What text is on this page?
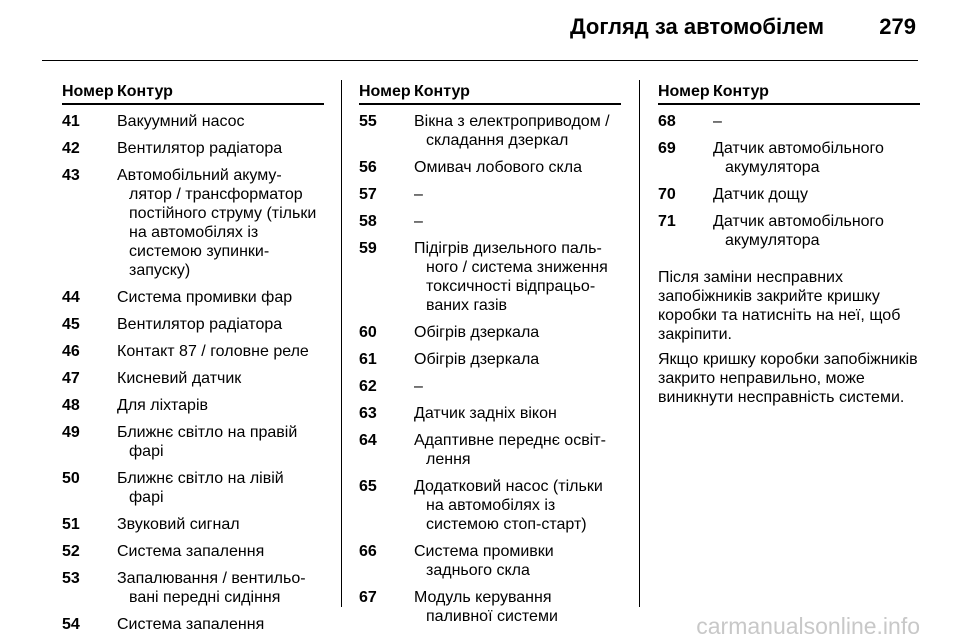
Догляд за автомобілем	279
Номер Контур
41	Вакуумний насос
42	Вентилятор радіатора
43	Автомобільний акуму-
лятор / трансформатор
постійного струму (тільки
на автомобілях із
системою зупинки-
запуску)
44	Система промивки фар
45	Вентилятор радіатора
46	Контакт 87 / головне реле
47	Кисневий датчик
48	Для ліхтарів
49	Ближнє світло на правій
фарі
50	Ближнє світло на лівій
фарі
51	Звуковий сигнал
52	Система запалення
53	Запалювання / вентильо-
вані передні сидіння
54	Система запалення
Номер Контур
55	Вікна з електроприводом /
складання дзеркал
56	Омивач лобового скла
57	–
58	–
59	Підігрів дизельного паль-
ного / система зниження
токсичності відпрацьо-
ваних газів
60	Обігрів дзеркала
61	Обігрів дзеркала
62	–
63	Датчик задніх вікон
64	Адаптивне переднє освіт-
лення
65	Додатковий насос (тільки
на автомобілях із
системою стоп-старт)
66	Система промивки
заднього скла
67	Модуль керування
паливної системи
Номер Контур
68	–
69	Датчик автомобільного
акумулятора
70	Датчик дощу
71	Датчик автомобільного
акумулятора

Після заміни несправних
запобіжників закрийте кришку
коробки та натисніть на неї, щоб
закріпити.

Якщо кришку коробки запобіжників
закрито неправильно, може
виникнути несправність системи.

carmanualsonline.info
